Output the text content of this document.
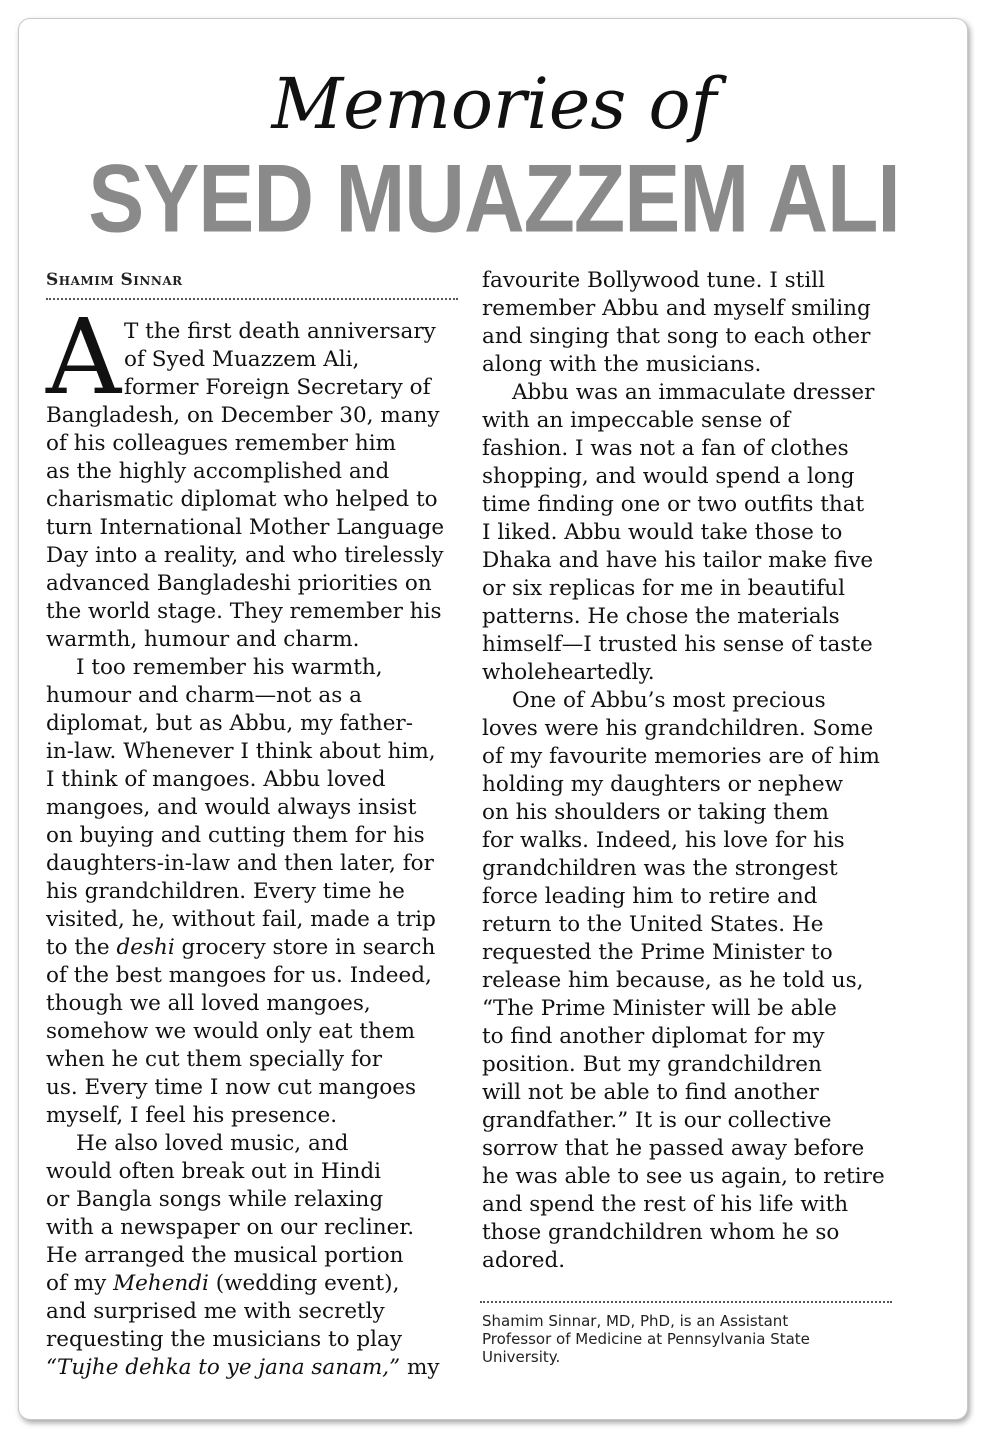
Memories of
SYED MUAZZEM ALI
Shamim Sinnar
A T the first death anniversary

of Syed Muazzem Ali,

former Foreign Secretary of

Bangladesh, on December 30, many

of his colleagues remember him

as the highly accomplished and

charismatic diplomat who helped to

turn International Mother Language

Day into a reality, and who tirelessly

advanced Bangladeshi priorities on

the world stage. They remember his

warmth, humour and charm.

I too remember his warmth,

humour and charm—not as a

diplomat, but as Abbu, my father-

in-law. Whenever I think about him,

I think of mangoes. Abbu loved

mangoes, and would always insist

on buying and cutting them for his

daughters-in-law and then later, for

his grandchildren. Every time he

visited, he, without fail, made a trip

to the deshi grocery store in search

of the best mangoes for us. Indeed,

though we all loved mangoes,

somehow we would only eat them

when he cut them specially for

us. Every time I now cut mangoes

myself, I feel his presence.

He also loved music, and

would often break out in Hindi

or Bangla songs while relaxing

with a newspaper on our recliner.

He arranged the musical portion

of my Mehendi (wedding event),

and surprised me with secretly

requesting the musicians to play

“Tujhe dehka to ye jana sanam,” my

favourite Bollywood tune. I still

remember Abbu and myself smiling

and singing that song to each other

along with the musicians.

Abbu was an immaculate dresser

with an impeccable sense of

fashion. I was not a fan of clothes

shopping, and would spend a long

time finding one or two outfits that

I liked. Abbu would take those to

Dhaka and have his tailor make five

or six replicas for me in beautiful

patterns. He chose the materials

himself—I trusted his sense of taste

wholeheartedly.

One of Abbu’s most precious

loves were his grandchildren. Some

of my favourite memories are of him

holding my daughters or nephew

on his shoulders or taking them

for walks. Indeed, his love for his

grandchildren was the strongest

force leading him to retire and

return to the United States. He

requested the Prime Minister to

release him because, as he told us,

“The Prime Minister will be able

to find another diplomat for my

position. But my grandchildren

will not be able to find another

grandfather.” It is our collective

sorrow that he passed away before

he was able to see us again, to retire

and spend the rest of his life with

those grandchildren whom he so

adored.

Shamim Sinnar, MD, PhD, is an Assistant
Professor of Medicine at Pennsylvania State
University.
